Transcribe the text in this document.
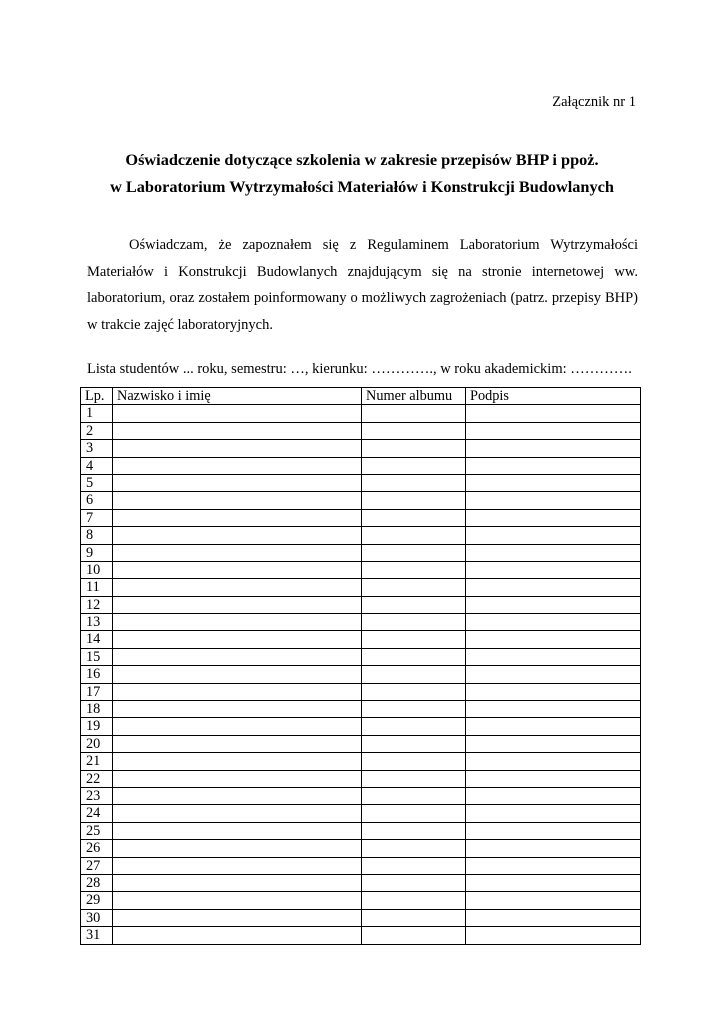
Załącznik nr 1
Oświadczenie dotyczące szkolenia w zakresie przepisów BHP i ppoż.
w Laboratorium Wytrzymałości Materiałów i Konstrukcji Budowlanych

Oświadczam, że zapoznałem się z Regulaminem Laboratorium Wytrzymałości Materiałów i Konstrukcji Budowlanych znajdującym się na stronie internetowej ww. laboratorium, oraz zostałem poinformowany o możliwych zagrożeniach (patrz. przepisy BHP) w trakcie zajęć laboratoryjnych.

Lista studentów ... roku, semestru: …, kierunku: …………., w roku akademickim: ………….
Lp.	Nazwisko i imię	Numer albumu	Podpis
1			
2			
3			
4			
5			
6			
7			
8			
9			
10			
11			
12			
13			
14			
15			
16			
17			
18			
19			
20			
21			
22			
23			
24			
25			
26			
27			
28			
29			
30			
31			
